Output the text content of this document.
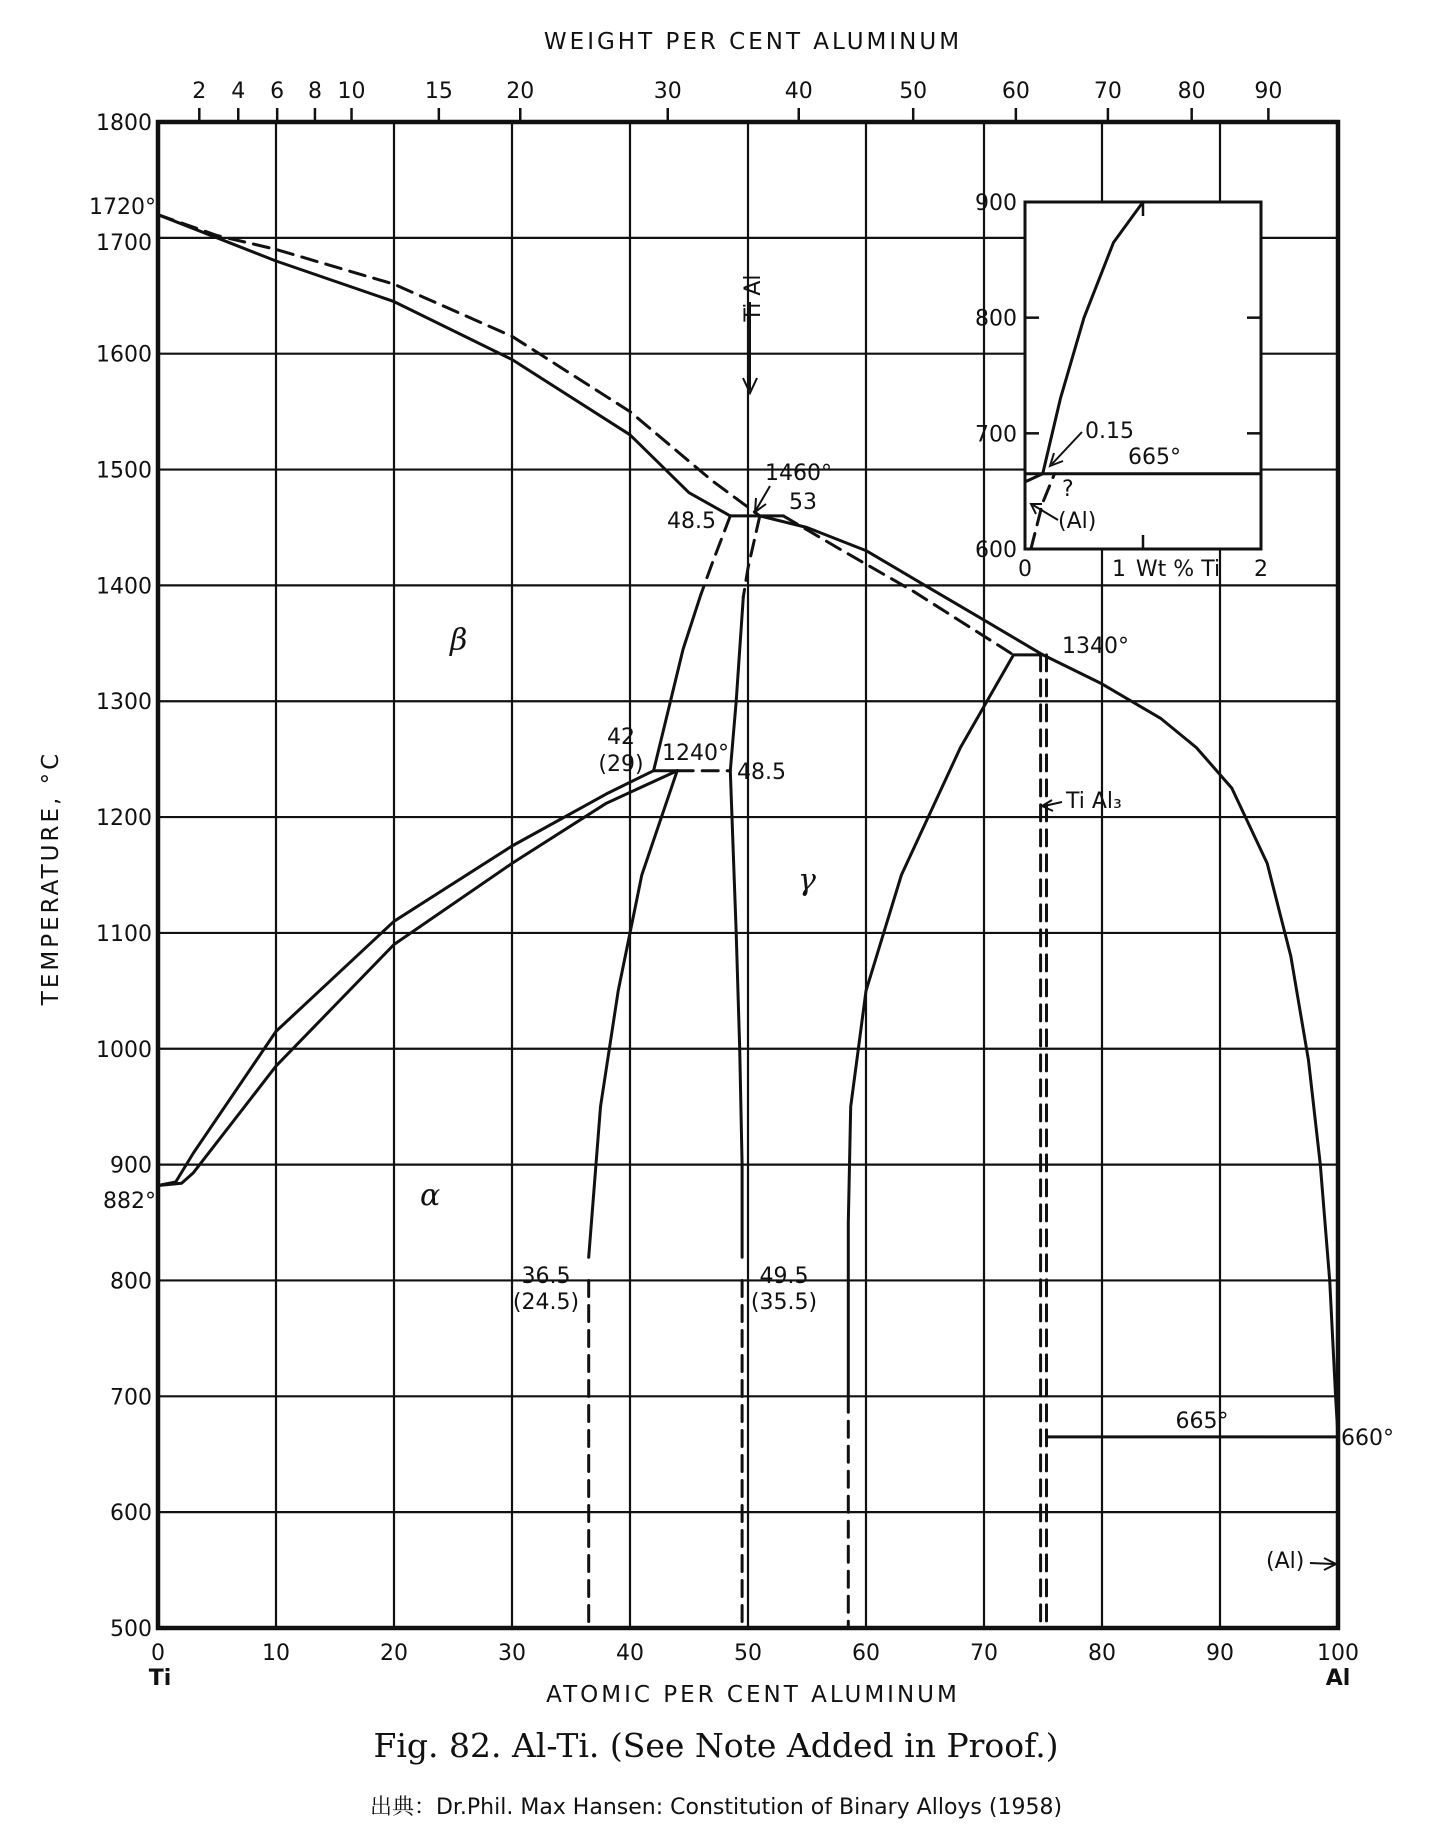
500
600
700
800
900
1000
1100
1200
1300
1400
1500
1600
1800
1700
0	10	20	30	40	50	60	70	80	90	100
2 4 6 8 10	15 20	30	40	50	60	70	80 90
WEIGHT PER CENT ALUMINUM
ATOMIC PER CENT ALUMINUM
TEMPERATURE, °C
Ti	Al
1720°
882°
β
α
γ
1460°
48.5
53
1340°
1240°
42
(29)	48.5
36.5
(24.5)
49.5
(35.5)
665°
660°
(Al)
Ti Al
Ti Al₃
600
700
800
900
0	1	2
Wt % Ti
0.15
665°
?
(Al)
Fig. 82. Al-Ti. (See Note Added in Proof.)
出典：Dr.Phil. Max Hansen: Constitution of Binary Alloys (1958)
